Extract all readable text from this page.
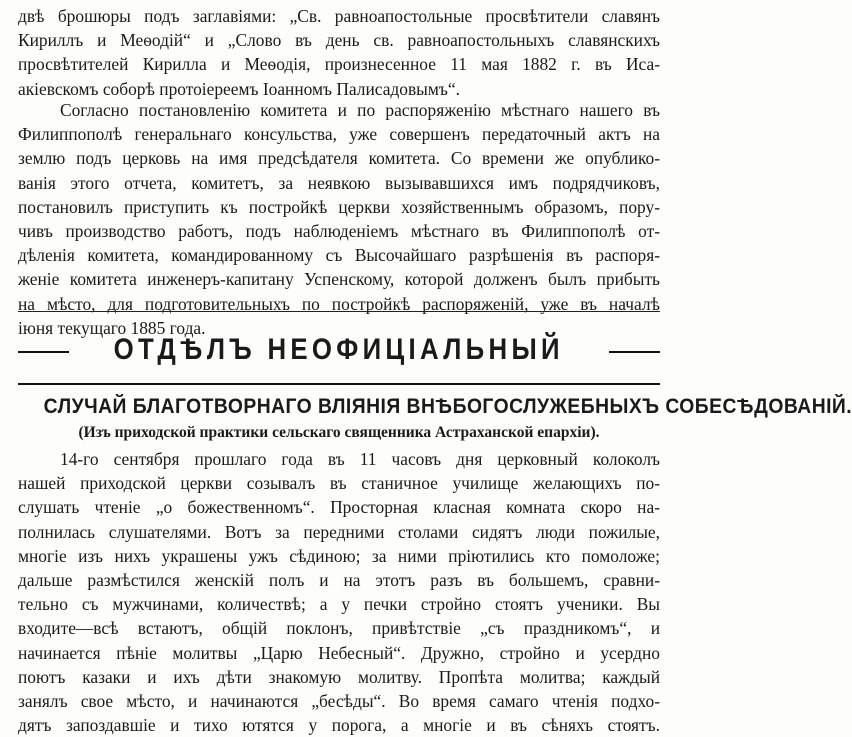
двѣ брошюры подъ заглавіями: „Св. равноапостольные просвѣтители славянъ
Кириллъ и Меѳодій“ и „Слово въ день св. равноапостольныхъ славянскихъ
просвѣтителей Кирилла и Меѳодія, произнесенное 11 мая 1882 г. въ Иса-
акіевскомъ соборѣ протоіереемъ Іоанномъ Палисадовымъ“.
Согласно постановленію комитета и по распоряженію мѣстнаго нашего въ
Филиппополѣ генеральнаго консульства, уже совершенъ передаточный актъ на
землю подъ церковь на имя предсѣдателя комитета. Со времени же опублико-
ванія этого отчета, комитетъ, за неявкою вызывавшихся имъ подрядчиковъ,
постановилъ приступить къ постройкѣ церкви хозяйственнымъ образомъ, пору-
чивъ производство работъ, подъ наблюденіемъ мѣстнаго въ Филиппополѣ от-
дѣленія комитета, командированному съ Высочайшаго разрѣшенія въ распоря-
женіе комитета инженеръ-капитану Успенскому, которой долженъ былъ прибыть
на мѣсто, для подготовительныхъ по постройкѣ распоряженій, уже въ началѣ
іюня текущаго 1885 года.
ОТДѢЛЪ НЕОФИЦІАЛЬНЫЙ
СЛУЧАЙ БЛАГОТВОРНАГО ВЛІЯНІЯ ВНѢБОГОСЛУЖЕБНЫХЪ СОБЕСѢДОВАНІЙ.
(Изъ приходской практики сельскаго священника Астраханской епархіи).
14-го сентября прошлаго года въ 11 часовъ дня церковный колоколъ
нашей приходской церкви созывалъ въ станичное училище желающихъ по-
слушать чтеніе „о божественномъ“. Просторная класная комната скоро на-
полнилась слушателями. Вотъ за передними столами сидятъ люди пожилые,
многіе изъ нихъ украшены ужъ сѣдиною; за ними пріютились кто помоложе;
дальше размѣстился женскій полъ и на этотъ разъ въ большемъ, сравни-
тельно съ мужчинами, количествѣ; а у печки стройно стоятъ ученики. Вы
входите—всѣ встаютъ, общій поклонъ, привѣтствіе „съ праздникомъ“, и
начинается пѣніе молитвы „Царю Небесный“. Дружно, стройно и усердно
поютъ казаки и ихъ дѣти знакомую молитву. Пропѣта молитва; каждый
занялъ свое мѣсто, и начинаются „бесѣды“. Во время самаго чтенія подхо-
дятъ запоздавшіе и тихо ютятся у порога, а многіе и въ сѣняхъ стоятъ.
